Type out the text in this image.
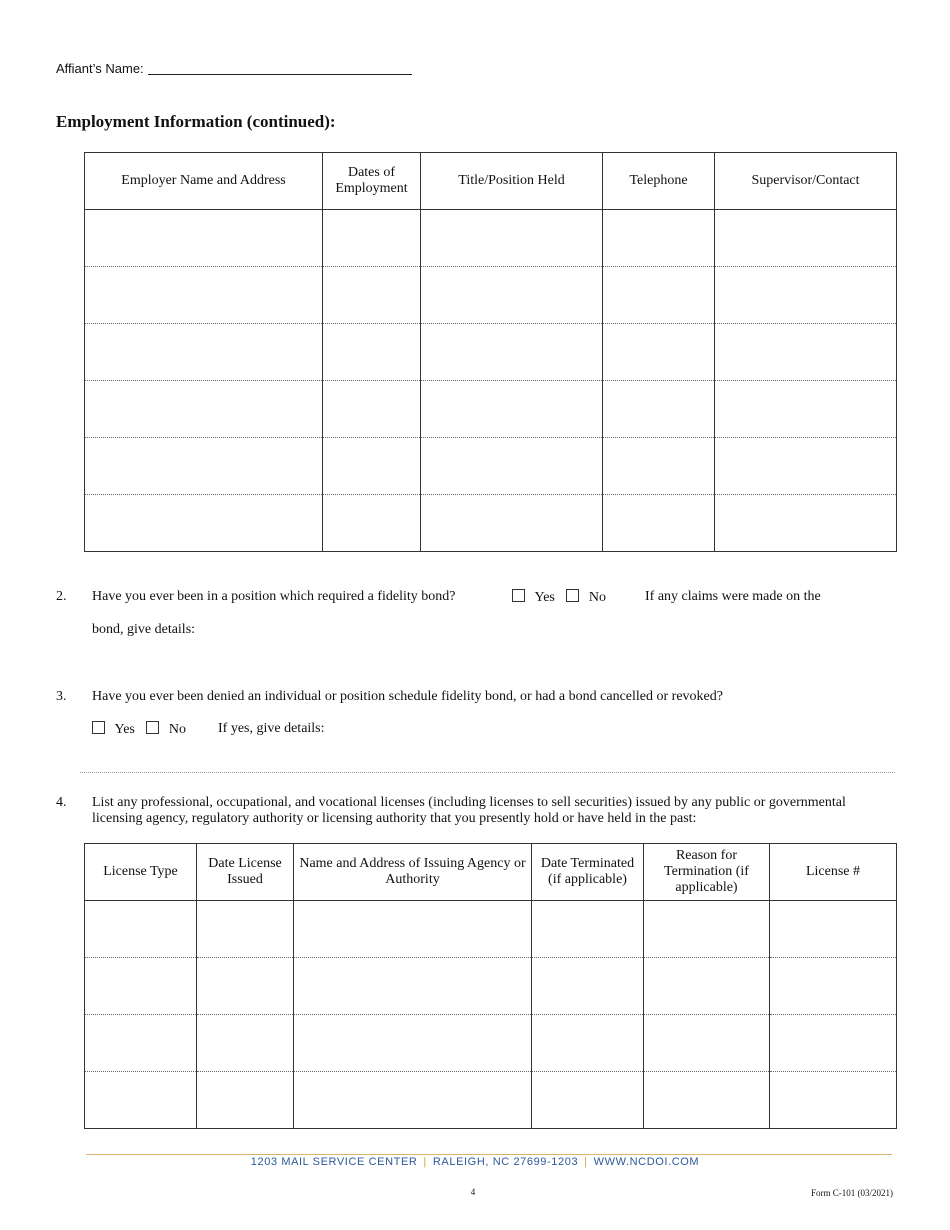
Affiant’s Name:
Employment Information (continued):
Employer Name and Address	Dates of Employment	Title/Position Held	Telephone	Supervisor/Contact

2. Have you ever been in a position which required a fidelity bond?	Yes No	If any claims were made on the
bond, give details:
3. Have you ever been denied an individual or position schedule fidelity bond, or had a bond cancelled or revoked?
Yes No If yes, give details:
4. List any professional, occupational, and vocational licenses (including licenses to sell securities) issued by any public or governmental licensing agency, regulatory authority or licensing authority that you presently hold or have held in the past:
License Type	Date License Issued	Name and Address of Issuing Agency or Authority	Date Terminated (if applicable)	Reason for Termination (if applicable)	License #

1203 MAIL SERVICE CENTER | RALEIGH, NC 27699-1203 | WWW.NCDOI.COM
4	Form C-101 (03/2021)
